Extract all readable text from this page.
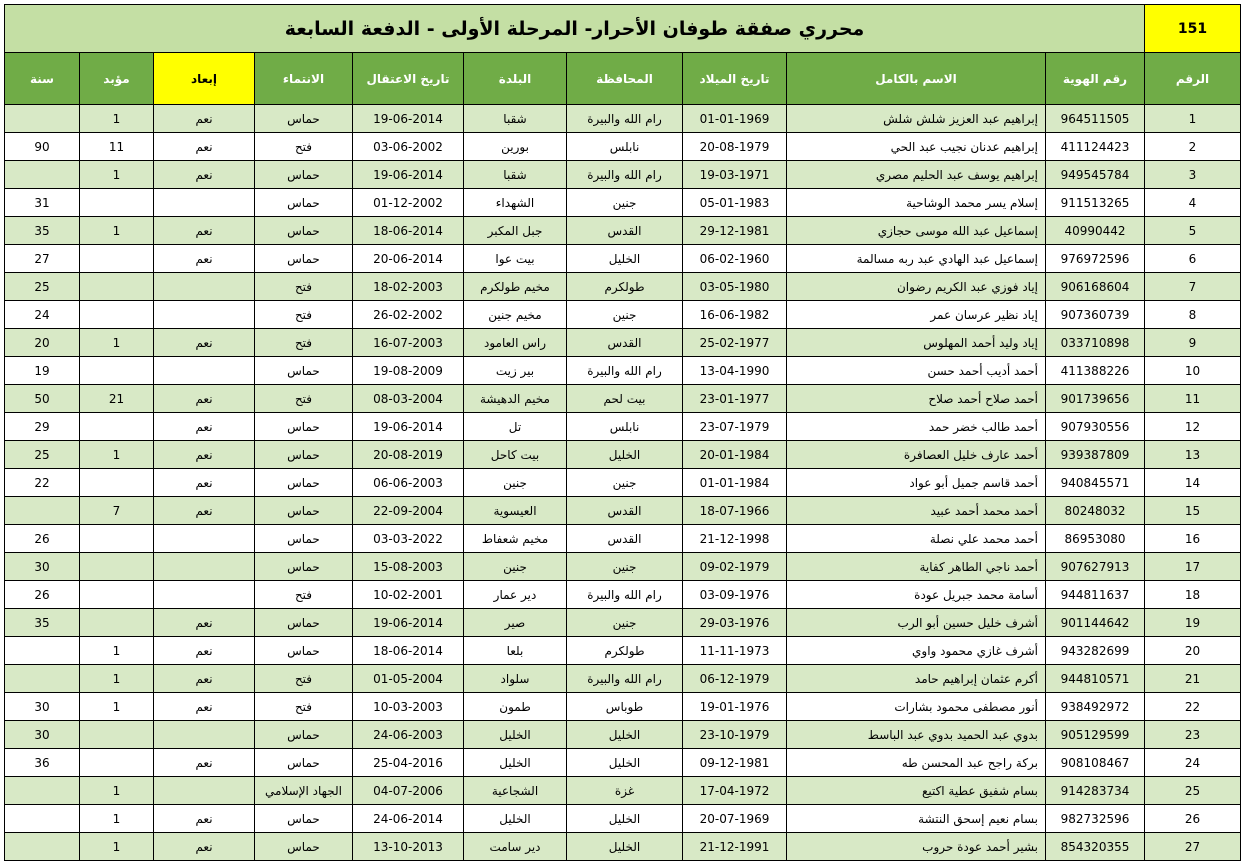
محرري صفقة طوفان الأحرار- المرحلة الأولى - الدفعة السابعة										151
سنة	مؤبد	إبعاد	الانتماء	تاريخ الاعتقال	البلدة	المحافظة	تاريخ الميلاد	الاسم بالكامل	رقم الهوية	الرقم
	1	نعم	حماس	19-06-2014	شقبا	رام الله والبيرة	01-01-1969	إبراهيم عبد العزيز شلش شلش	964511505	1
90	11	نعم	فتح	03-06-2002	بورين	نابلس	20-08-1979	إبراهيم عدنان نجيب عبد الحي	411124423	2
	1	نعم	حماس	19-06-2014	شقبا	رام الله والبيرة	19-03-1971	إبراهيم يوسف عبد الحليم مصري	949545784	3
31			حماس	01-12-2002	الشهداء	جنين	05-01-1983	إسلام يسر محمد الوشاحية	911513265	4
35	1	نعم	حماس	18-06-2014	جبل المكبر	القدس	29-12-1981	إسماعيل عبد الله موسى حجازي	40990442	5
27		نعم	حماس	20-06-2014	بيت عوا	الخليل	06-02-1960	إسماعيل عبد الهادي عبد ربه مسالمة	976972596	6
25			فتح	18-02-2003	مخيم طولكرم	طولكرم	03-05-1980	إياد فوزي عبد الكريم رضوان	906168604	7
24			فتح	26-02-2002	مخيم جنين	جنين	16-06-1982	إياد نظير عرسان عمر	907360739	8
20	1	نعم	فتح	16-07-2003	راس العامود	القدس	25-02-1977	إياد وليد أحمد المهلوس	033710898	9
19			حماس	19-08-2009	بير زيت	رام الله والبيرة	13-04-1990	أحمد أديب أحمد حسن	411388226	10
50	21	نعم	فتح	08-03-2004	مخيم الدهيشة	بيت لحم	23-01-1977	أحمد صلاح أحمد صلاح	901739656	11
29		نعم	حماس	19-06-2014	تل	نابلس	23-07-1979	أحمد طالب خضر حمد	907930556	12
25	1	نعم	حماس	20-08-2019	بيت كاحل	الخليل	20-01-1984	أحمد عارف خليل العصافرة	939387809	13
22		نعم	حماس	06-06-2003	جنين	جنين	01-01-1984	أحمد قاسم جميل أبو عواد	940845571	14
	7	نعم	حماس	22-09-2004	العيسوية	القدس	18-07-1966	أحمد محمد أحمد عبيد	80248032	15
26			حماس	03-03-2022	مخيم شعفاط	القدس	21-12-1998	أحمد محمد علي نصلة	86953080	16
30			حماس	15-08-2003	جنين	جنين	09-02-1979	أحمد ناجي الطاهر كفاية	907627913	17
26			فتح	10-02-2001	دير عمار	رام الله والبيرة	03-09-1976	أسامة محمد جبريل عودة	944811637	18
35		نعم	حماس	19-06-2014	صير	جنين	29-03-1976	أشرف خليل حسين أبو الرب	901144642	19
	1	نعم	حماس	18-06-2014	بلعا	طولكرم	11-11-1973	أشرف غازي محمود واوي	943282699	20
	1	نعم	فتح	01-05-2004	سلواد	رام الله والبيرة	06-12-1979	أكرم عثمان إبراهيم حامد	944810571	21
30	1	نعم	فتح	10-03-2003	طمون	طوباس	19-01-1976	أنور مصطفى محمود بشارات	938492972	22
30			حماس	24-06-2003	الخليل	الخليل	23-10-1979	بدوي عبد الحميد بدوي عبد الباسط	905129599	23
36		نعم	حماس	25-04-2016	الخليل	الخليل	09-12-1981	بركة راجح عبد المحسن طه	908108467	24
	1		الجهاد الإسلامي	04-07-2006	الشجاعية	غزة	17-04-1972	بسام شفيق عطية اكتيع	914283734	25
	1	نعم	حماس	24-06-2014	الخليل	الخليل	20-07-1969	بسام نعيم إسحق النتشة	982732596	26
	1	نعم	حماس	13-10-2013	دير سامت	الخليل	21-12-1991	بشير أحمد عودة حروب	854320355	27
